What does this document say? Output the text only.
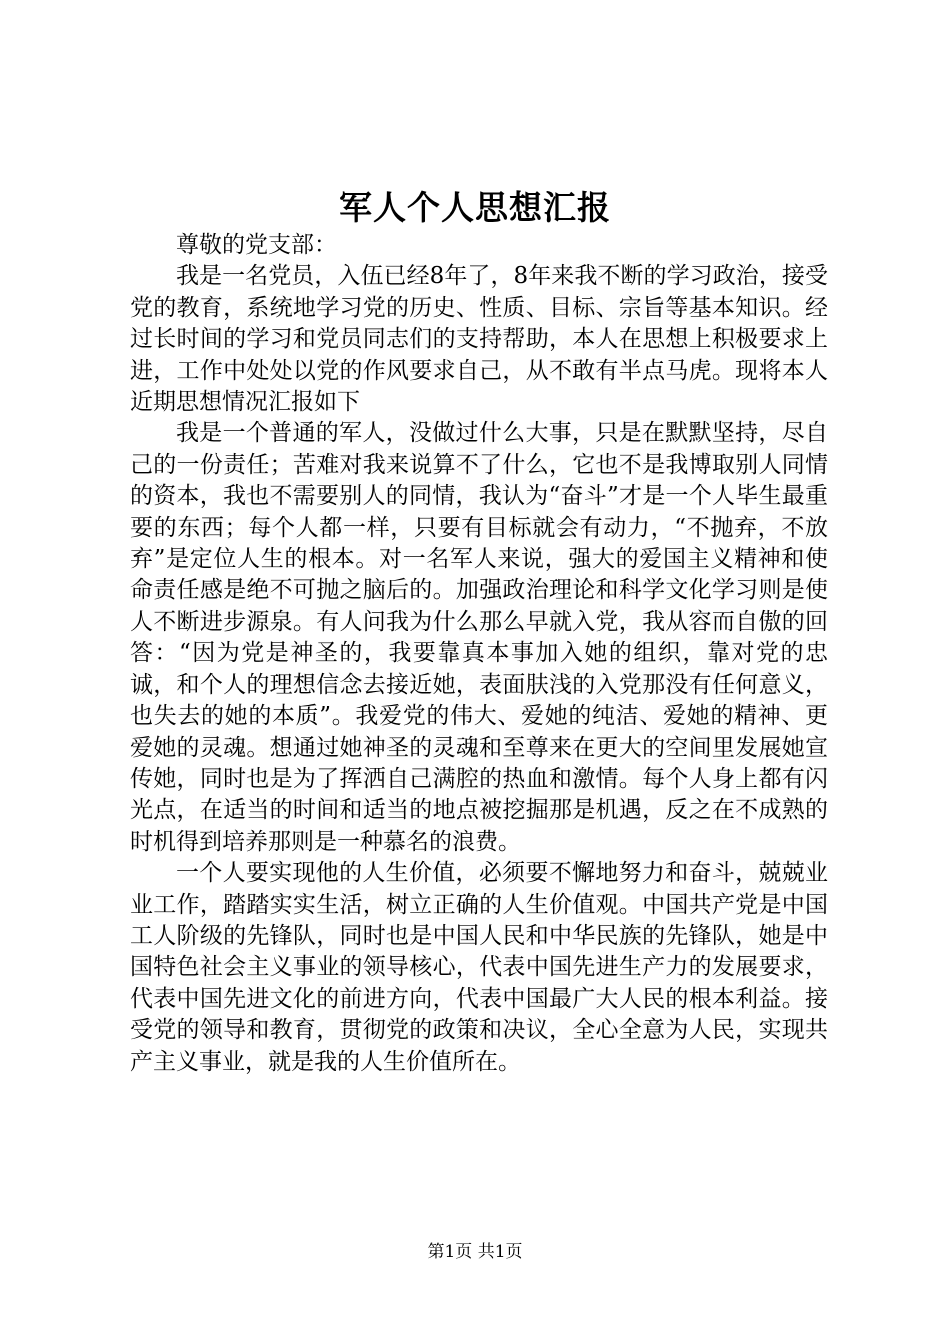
军人个人思想汇报

尊敬的党支部：

我是一名党员，入伍已经8年了，8年来我不断的学习政治，接受党的教育，系统地学习党的历史、性质、目标、宗旨等基本知识。经过长时间的学习和党员同志们的支持帮助，本人在思想上积极要求上进，工作中处处以党的作风要求自己，从不敢有半点马虎。现将本人近期思想情况汇报如下

我是一个普通的军人，没做过什么大事，只是在默默坚持，尽自己的一份责任；苦难对我来说算不了什么，它也不是我博取别人同情的资本，我也不需要别人的同情，我认为“奋斗”才是一个人毕生最重要的东西；每个人都一样，只要有目标就会有动力，“不抛弃，不放弃”是定位人生的根本。对一名军人来说，强大的爱国主义精神和使命责任感是绝不可抛之脑后的。加强政治理论和科学文化学习则是使人不断进步源泉。有人问我为什么那么早就入党，我从容而自傲的回答：“因为党是神圣的，我要靠真本事加入她的组织，靠对党的忠诚，和个人的理想信念去接近她，表面肤浅的入党那没有任何意义，也失去的她的本质”。我爱党的伟大、爱她的纯洁、爱她的精神、更爱她的灵魂。想通过她神圣的灵魂和至尊来在更大的空间里发展她宣传她，同时也是为了挥洒自己满腔的热血和激情。每个人身上都有闪光点，在适当的时间和适当的地点被挖掘那是机遇，反之在不成熟的时机得到培养那则是一种慕名的浪费。

一个人要实现他的人生价值，必须要不懈地努力和奋斗，兢兢业业工作，踏踏实实生活，树立正确的人生价值观。中国共产党是中国工人阶级的先锋队，同时也是中国人民和中华民族的先锋队，她是中国特色社会主义事业的领导核心，代表中国先进生产力的发展要求，代表中国先进文化的前进方向，代表中国最广大人民的根本利益。接受党的领导和教育，贯彻党的政策和决议，全心全意为人民，实现共产主义事业，就是我的人生价值所在。

第1页 共1页
